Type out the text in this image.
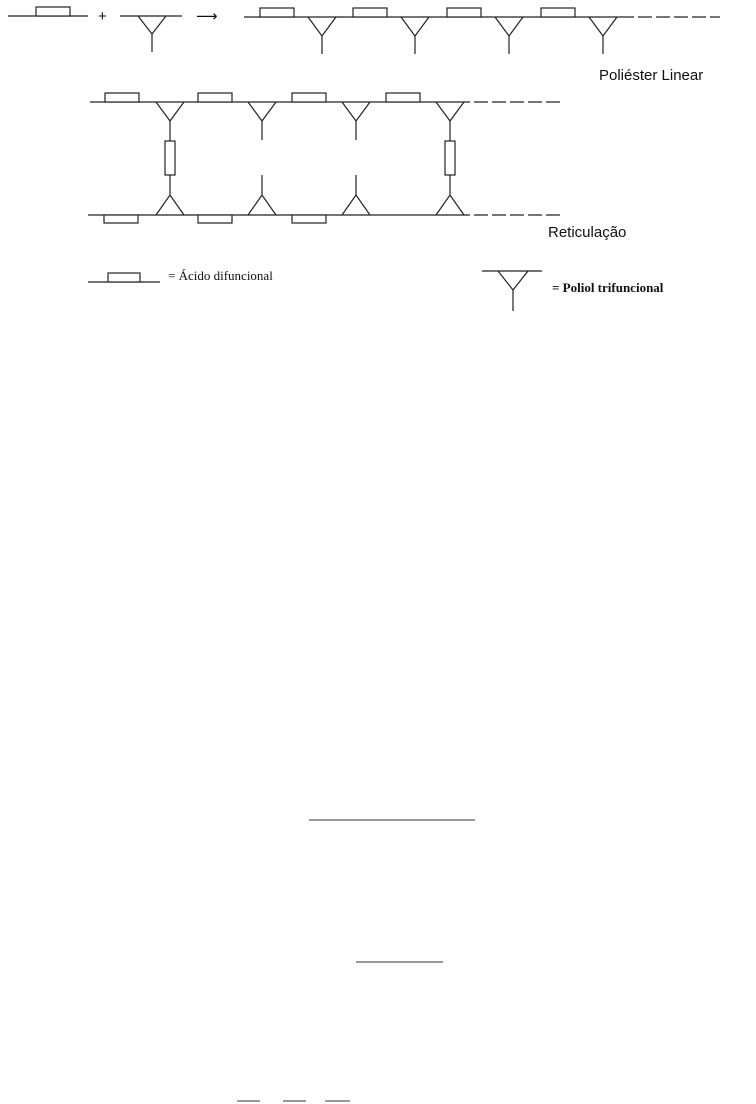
+	⟶
Poliéster Linear
Reticulação
= Ácido difuncional
= Poliol trifuncional
